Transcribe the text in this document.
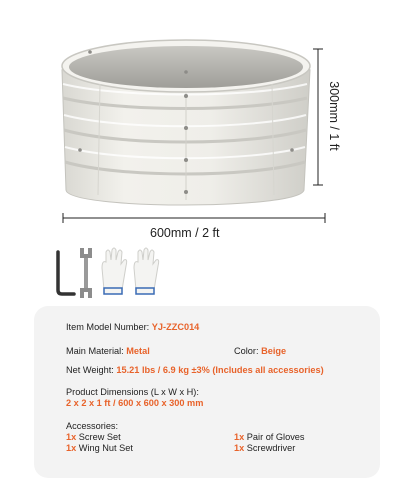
300mm / 1 ft
600mm / 2 ft
Item Model Number: YJ-ZZC014
Main Material: Metal	Color: Beige
Net Weight: 15.21 lbs / 6.9 kg ±3% (Includes all accessories)
Product Dimensions (L x W x H):
2 x 2 x 1 ft / 600 x 600 x 300 mm
Accessories:
1x Screw Set
1x Wing Nut Set
1x Pair of Gloves
1x Screwdriver
